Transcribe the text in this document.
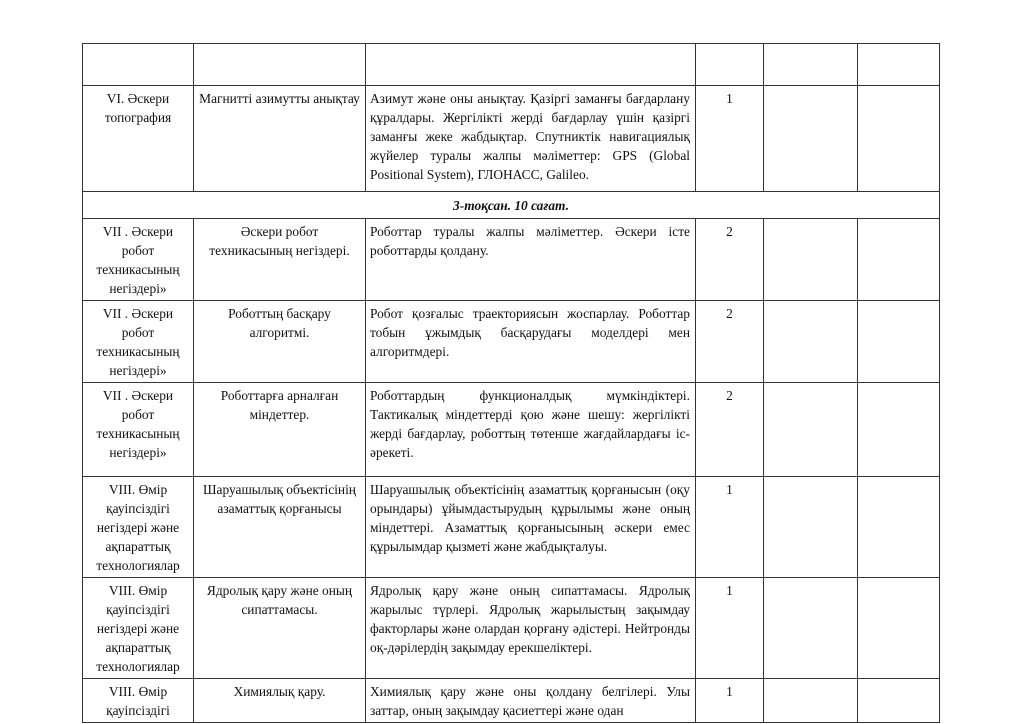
VI. Әскери топография	Магнитті азимутты анықтау	Азимут және оны анықтау. Қазіргі заманғы бағдарлану құралдары. Жергілікті жерді бағдарлау үшін қазіргі заманғы жеке жабдықтар. Спутниктік навигациялық жүйелер туралы жалпы мәліметтер: GPS (Global Positional System), ГЛОНАСС, Galileo.	1		
3-тоқсан. 10 сағат.					
VII . Әскери робот техникасының негіздері»	Әскери робот техникасының негіздері.	Роботтар туралы жалпы мәліметтер. Әскери істе роботтарды қолдану.	2		
VII . Әскери робот техникасының негіздері»	Роботтың басқару алгоритмі.	Робот қозғалыс траекториясын жоспарлау. Роботтар тобын ұжымдық басқарудағы моделдері мен алгоритмдері.	2		
VII . Әскери робот техникасының негіздері»	Роботтарға арналған міндеттер.	Роботтардың функционалдық мүмкіндіктері. Тактикалық міндеттерді қою және шешу: жергілікті жерді бағдарлау, роботтың төтенше жағдайлардағы іс-әрекеті.	2		
VIII. Өмір қауіпсіздігі негіздері және ақпараттық технологиялар	Шаруашылық объектісінің азаматтық қорғанысы	Шаруашылық объектісінің азаматтық қорғанысын (оқу орындары) ұйымдастырудың құрылымы және оның міндеттері. Азаматтық қорғанысының әскери емес құрылымдар қызметі және жабдықталуы.	1		
VIII. Өмір қауіпсіздігі негіздері және ақпараттық технологиялар	Ядролық қару және оның сипаттамасы.	Ядролық қару және оның сипаттамасы. Ядролық жарылыс түрлері. Ядролық жарылыстың зақымдау факторлары және олардан қорғану әдістері. Нейтронды оқ-дәрілердің зақымдау ерекшеліктері.	1		
VIII. Өмір қауіпсіздігі	Химиялық қару.	Химиялық қару және оны қолдану белгілері. Улы заттар, оның зақымдау қасиеттері және одан	1		
